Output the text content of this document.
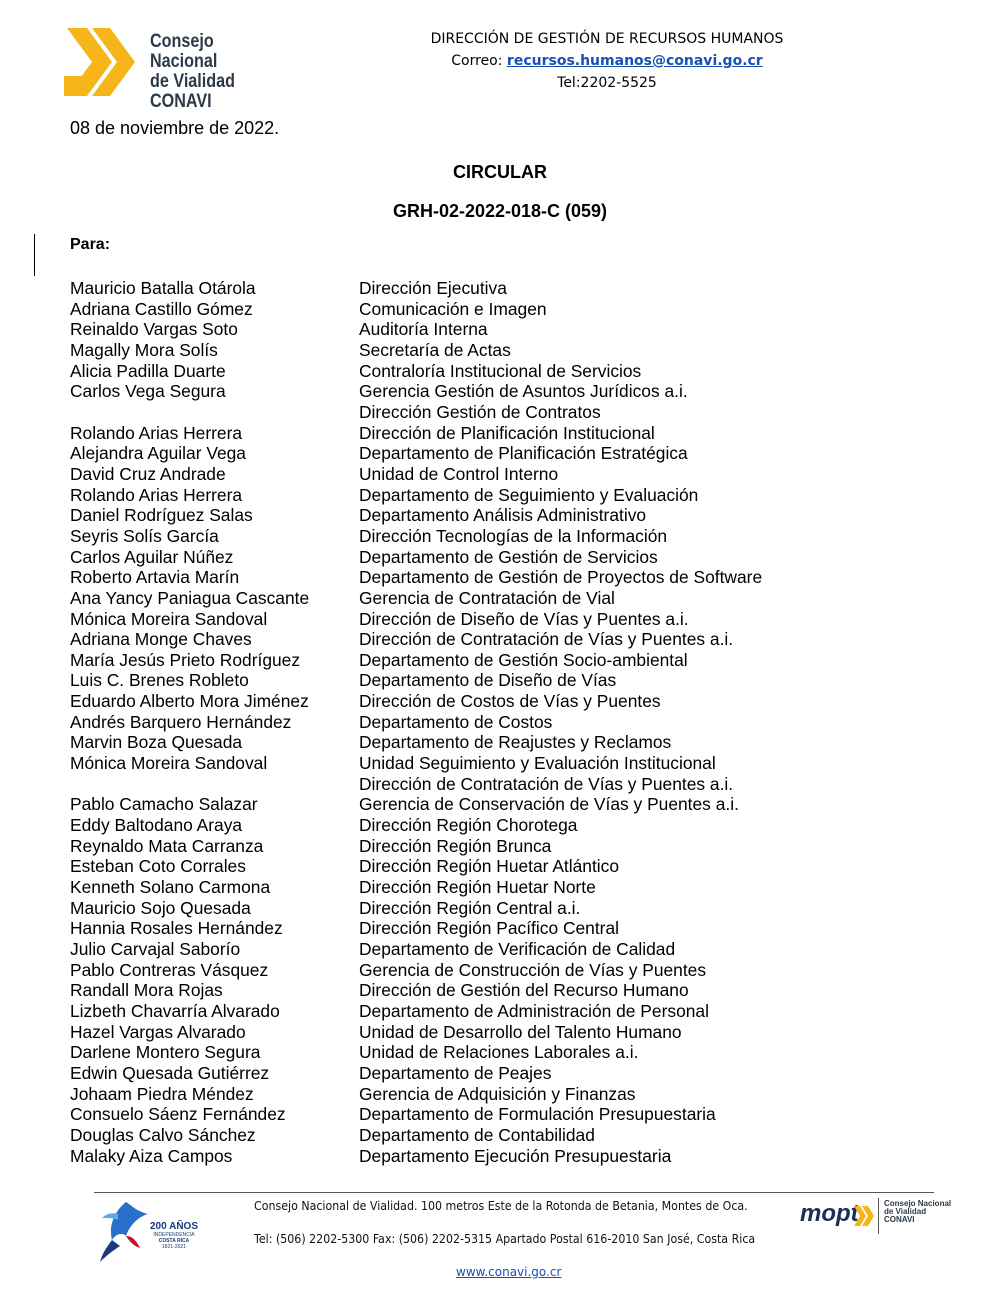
Consejo Nacional
de Vialidad
CONAVI
DIRECCIÓN DE GESTIÓN DE RECURSOS HUMANOS
Correo: recursos.humanos@conavi.go.cr
Tel:2202-5525
08 de noviembre de 2022.
CIRCULAR
GRH-02-2022-018-C (059)
Para:
Mauricio Batalla Otárola	Dirección Ejecutiva
Adriana Castillo Gómez	Comunicación e Imagen
Reinaldo Vargas Soto	Auditoría Interna
Magally Mora Solís	Secretaría de Actas
Alicia Padilla Duarte	Contraloría Institucional de Servicios
Carlos Vega Segura	Gerencia Gestión de Asuntos Jurídicos a.i.
Dirección Gestión de Contratos
Rolando Arias Herrera	Dirección de Planificación Institucional
Alejandra Aguilar Vega	Departamento de Planificación Estratégica
David Cruz Andrade	Unidad de Control Interno
Rolando Arias Herrera	Departamento de Seguimiento y Evaluación
Daniel Rodríguez Salas	Departamento Análisis Administrativo
Seyris Solís García	Dirección Tecnologías de la Información
Carlos Aguilar Núñez	Departamento de Gestión de Servicios
Roberto Artavia Marín	Departamento de Gestión de Proyectos de Software
Ana Yancy Paniagua Cascante	Gerencia de Contratación de Vial
Mónica Moreira Sandoval	Dirección de Diseño de Vías y Puentes a.i.
Adriana Monge Chaves	Dirección de Contratación de Vías y Puentes a.i.
María Jesús Prieto Rodríguez	Departamento de Gestión Socio-ambiental
Luis C. Brenes Robleto	Departamento de Diseño de Vías
Eduardo Alberto Mora Jiménez	Dirección de Costos de Vías y Puentes
Andrés Barquero Hernández	Departamento de Costos
Marvin Boza Quesada	Departamento de Reajustes y Reclamos
Mónica Moreira Sandoval	Unidad Seguimiento y Evaluación Institucional
Dirección de Contratación de Vías y Puentes a.i.
Pablo Camacho Salazar	Gerencia de Conservación de Vías y Puentes a.i.
Eddy Baltodano Araya	Dirección Región Chorotega
Reynaldo Mata Carranza	Dirección Región Brunca
Esteban Coto Corrales	Dirección Región Huetar Atlántico
Kenneth Solano Carmona	Dirección Región Huetar Norte
Mauricio Sojo Quesada	Dirección Región Central a.i.
Hannia Rosales Hernández	Dirección Región Pacífico Central
Julio Carvajal Saborío	Departamento de Verificación de Calidad
Pablo Contreras Vásquez	Gerencia de Construcción de Vías y Puentes
Randall Mora Rojas	Dirección de Gestión del Recurso Humano
Lizbeth Chavarría Alvarado	Departamento de Administración de Personal
Hazel Vargas Alvarado	Unidad de Desarrollo del Talento Humano
Darlene Montero Segura	Unidad de Relaciones Laborales a.i.
Edwin Quesada Gutiérrez	Departamento de Peajes
Johaam Piedra Méndez	Gerencia de Adquisición y Finanzas
Consuelo Sáenz Fernández	Departamento de Formulación Presupuestaria
Douglas Calvo Sánchez	Departamento de Contabilidad
Malaky Aiza Campos	Departamento Ejecución Presupuestaria
200 AÑOS
INDEPENDENCIA
COSTA RICA
1821-2021
Consejo Nacional de Vialidad. 100 metros Este de la Rotonda de Betania, Montes de Oca.
Tel: (506) 2202-5300 Fax: (506) 2202-5315 Apartado Postal 616-2010 San José, Costa Rica
www.conavi.go.cr
mopt	Consejo Nacional
de Vialidad
CONAVI
